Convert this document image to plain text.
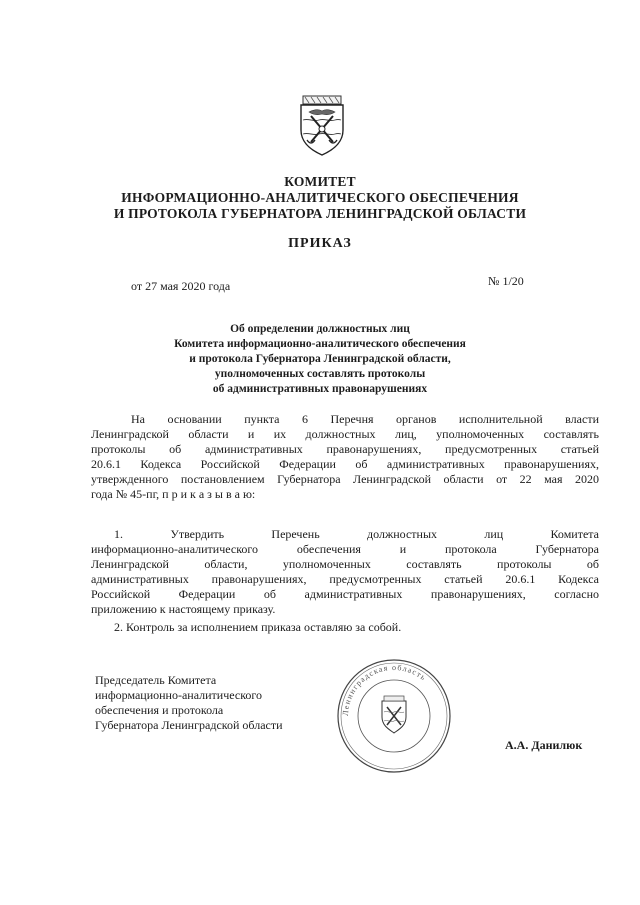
КОМИТЕТ
ИНФОРМАЦИОННО-АНАЛИТИЧЕСКОГО ОБЕСПЕЧЕНИЯ
И ПРОТОКОЛА ГУБЕРНАТОРА ЛЕНИНГРАДСКОЙ ОБЛАСТИ
ПРИКАЗ
от 27 мая 2020 года	№ 1/20
Об определении должностных лиц
Комитета информационно-аналитического обеспечения
и протокола Губернатора Ленинградской области,
уполномоченных составлять протоколы
об административных правонарушениях
На основании пункта 6 Перечня органов исполнительной власти
Ленинградской области и их должностных лиц, уполномоченных составлять
протоколы об административных правонарушениях, предусмотренных статьей
20.6.1 Кодекса Российской Федерации об административных правонарушениях,
утвержденного постановлением Губернатора Ленинградской области от 22 мая 2020
года № 45-пг, п р и к а з ы в а ю:
1. Утвердить Перечень должностных лиц Комитета
информационно-аналитического обеспечения и протокола Губернатора
Ленинградской области, уполномоченных составлять протоколы об
административных правонарушениях, предусмотренных статьей 20.6.1 Кодекса
Российской Федерации об административных правонарушениях, согласно
приложению к настоящему приказу.
2. Контроль за исполнением приказа оставляю за собой.
Председатель Комитета
информационно-аналитического
обеспечения и протокола
Губернатора Ленинградской области
Ленинградская область
А.А. Данилюк
